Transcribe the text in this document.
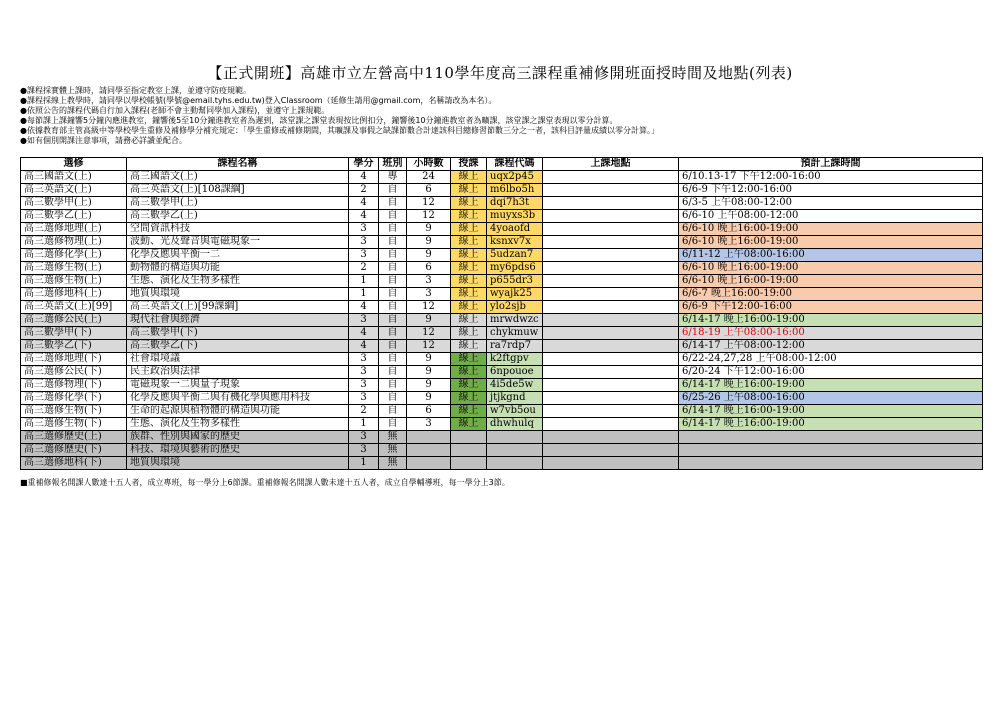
【正式開班】高雄市立左營高中110學年度高三課程重補修開班面授時間及地點(列表)
●課程採實體上課時，請同學至指定教室上課，並遵守防疫規範。
●課程採線上教學時，請同學以學校帳號(學號@email.tyhs.edu.tw)登入Classroom（延修生請用@gmail.com，名稱請改為本名）。
●依照公告的課程代碼自行加入課程(老師不會主動幫同學加入課程)，並遵守上課規範。
●每節課上課鐘響5分鐘內應進教室，鐘響後5至10分鐘進教室者為遲到，該堂課之課堂表現按比例扣分，鐘響後10分鐘進教室者為曠課，該堂課之課堂表現以零分計算。
●依據教育部主管高級中等學校學生重修及補修學分補充規定：「學生重修或補修期間，其曠課及事假之缺課節數合計達該科目總修習節數三分之一者，該科目評量成績以零分計算。」
●如有個別開課注意事項，請務必詳讀並配合。
選修	課程名稱	學分	班別	小時數	授課	課程代碼	上課地點	預計上課時間
高三國語文(上)	高三國語文(上)	4	專	24	線上	uqx2p45		6/10.13-17 下午12:00-16:00
高三英語文(上)	高三英語文(上)[108課綱]	2	自	6	線上	m6lbo5h		6/6-9 下午12:00-16:00
高三數學甲(上)	高三數學甲(上)	4	自	12	線上	dqi7h3t		6/3-5 上午08:00-12:00
高三數學乙(上)	高三數學乙(上)	4	自	12	線上	muyxs3b		6/6-10 上午08:00-12:00
高三選修地理(上)	空間資訊科技	3	自	9	線上	4yoaofd		6/6-10 晚上16:00-19:00
高三選修物理(上)	波動、光及聲音與電磁現象一	3	自	9	線上	ksnxv7x		6/6-10 晚上16:00-19:00
高三選修化學(上)	化學反應與平衡一二	3	自	9	線上	5udzan7		6/11-12 上午08:00-16:00
高三選修生物(上)	動物體的構造與功能	2	自	6	線上	my6pds6		6/6-10 晚上16:00-19:00
高三選修生物(上)	生態、演化及生物多樣性	1	自	3	線上	p655dr3		6/6-10 晚上16:00-19:00
高三選修地科(上)	地質與環境	1	自	3	線上	wyajk25		6/6-7 晚上16:00-19:00
高三英語文(上)[99]	高三英語文(上)[99課綱]	4	自	12	線上	ylo2sjb		6/6-9 下午12:00-16:00
高三選修公民(上)	現代社會與經濟	3	自	9	線上	mrwdwzc		6/14-17 晚上16:00-19:00
高三數學甲(下)	高三數學甲(下)	4	自	12	線上	chykmuw		6/18-19 上午08:00-16:00
高三數學乙(下)	高三數學乙(下)	4	自	12	線上	ra7rdp7		6/14-17 上午08:00-12:00
高三選修地理(下)	社會環境議	3	自	9	線上	k2ftgpv		6/22-24,27,28 上午08:00-12:00
高三選修公民(下)	民主政治與法律	3	自	9	線上	6npouoe		6/20-24 下午12:00-16:00
高三選修物理(下)	電磁現象一二與量子現象	3	自	9	線上	4i5de5w		6/14-17 晚上16:00-19:00
高三選修化學(下)	化學反應與平衡二與有機化學與應用科技	3	自	9	線上	jtjkgnd		6/25-26 上午08:00-16:00
高三選修生物(下)	生命的起源與植物體的構造與功能	2	自	6	線上	w7vb5ou		6/14-17 晚上16:00-19:00
高三選修生物(下)	生態、演化及生物多樣性	1	自	3	線上	dhwhulq		6/14-17 晚上16:00-19:00
高三選修歷史(上)	族群、性別與國家的歷史	3	無					
高三選修歷史(下)	科技、環境與藝術的歷史	3	無					
高三選修地科(下)	地質與環境	1	無					
■重補修報名開課人數達十五人者，成立專班，每一學分上6節課。重補修報名開課人數未達十五人者，成立自學輔導班，每一學分上3節。
